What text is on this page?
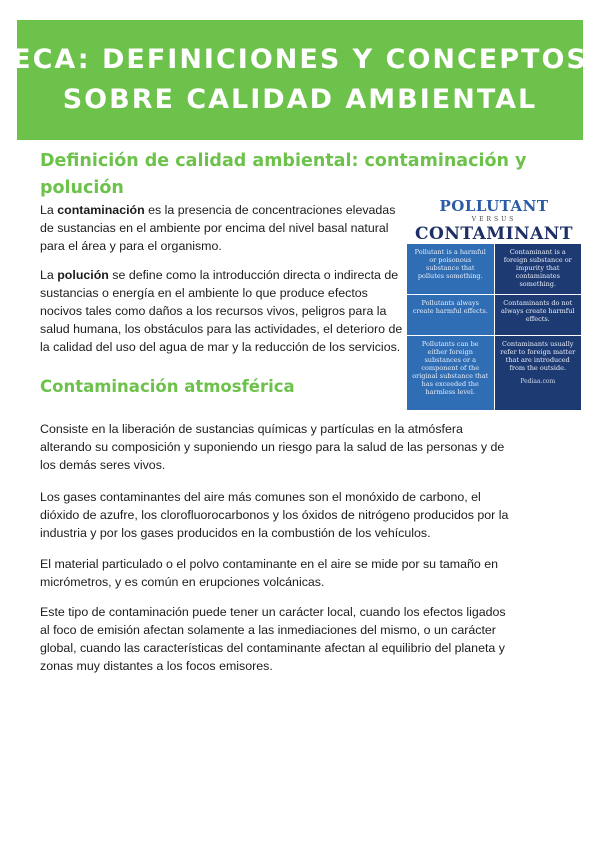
ECA: DEFINICIONES Y CONCEPTOS
SOBRE CALIDAD AMBIENTAL
Definición de calidad ambiental: contaminación y polución
La contaminación es la presencia de concentraciones elevadas
de sustancias en el ambiente por encima del nivel basal natural
para el área y para el organismo.
La polución se define como la introducción directa o indirecta de
sustancias o energía en el ambiente lo que produce efectos
nocivos tales como daños a los recursos vivos, peligros para la
salud humana, los obstáculos para las actividades, el deterioro de
la calidad del uso del agua de mar y la reducción de los servicios.
POLLUTANT
VERSUS
CONTAMINANT
Pollutant is a harmful or poisonous substance that pollutes something.
Contaminant is a foreign substance or impurity that contaminates something.
Pollutants always create harmful effects.
Contaminants do not always create harmful effects.
Pollutants can be either foreign substances or a component of the original substance that has exceeded the harmless level.
Contaminants usually refer to foreign matter that are introduced from the outside.
Pediaa.com
Contaminación atmosférica
Consiste en la liberación de sustancias químicas y partículas en la atmósfera
alterando su composición y suponiendo un riesgo para la salud de las personas y de
los demás seres vivos.
Los gases contaminantes del aire más comunes son el monóxido de carbono, el
dióxido de azufre, los clorofluorocarbonos y los óxidos de nitrógeno producidos por la
industria y por los gases producidos en la combustión de los vehículos.
El material particulado o el polvo contaminante en el aire se mide por su tamaño en
micrómetros, y es común en erupciones volcánicas.
Este tipo de contaminación puede tener un carácter local, cuando los efectos ligados
al foco de emisión afectan solamente a las inmediaciones del mismo, o un carácter
global, cuando las características del contaminante afectan al equilibrio del planeta y
zonas muy distantes a los focos emisores.
